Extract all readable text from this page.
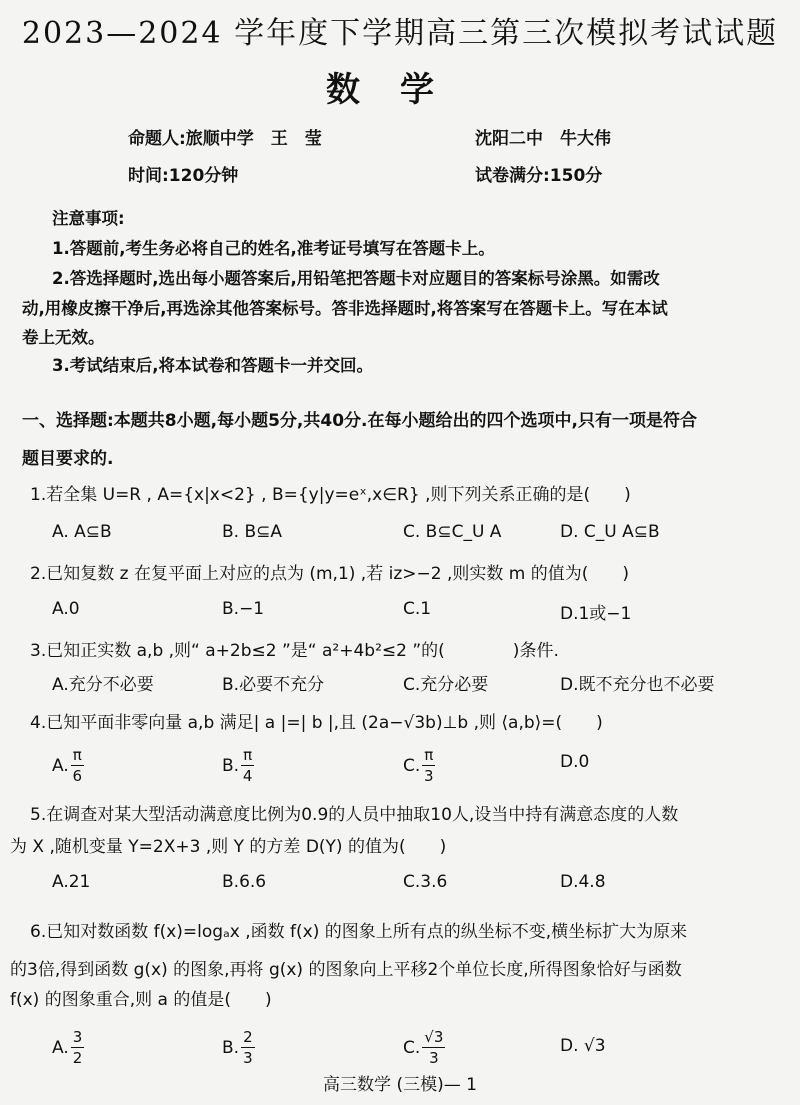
2023—2024 学年度下学期高三第三次模拟考试试题
数学
命题人:旅顺中学　王　莹	沈阳二中　牛大伟
时间:120分钟	试卷满分:150分
注意事项:
1.答题前,考生务必将自己的姓名,准考证号填写在答题卡上。
2.答选择题时,选出每小题答案后,用铅笔把答题卡对应题目的答案标号涂黑。如需改
动,用橡皮擦干净后,再选涂其他答案标号。答非选择题时,将答案写在答题卡上。写在本试
卷上无效。
3.考试结束后,将本试卷和答题卡一并交回。
一、选择题:本题共8小题,每小题5分,共40分.在每小题给出的四个选项中,只有一项是符合
题目要求的.
1.若全集 U=R , A={x|x<2} , B={y|y=eˣ,x∈R} ,则下列关系正确的是(　　)
A. A⊆B	B. B⊆A	C. B⊆C_U A	D. C_U A⊆B
2.已知复数 z 在复平面上对应的点为 (m,1) ,若 iz>−2 ,则实数 m 的值为(　　)
A.0	B.−1	C.1	D.1或−1
3.已知正实数 a,b ,则“ a+2b≤2 ”是“ a²+4b²≤2 ”的(　　　　)条件.
A.充分不必要	B.必要不充分	C.充分必要	D.既不充分也不必要
4.已知平面非零向量 a,b 满足| a |=| b |,且 (2a−√3b)⊥b ,则 ⟨a,b⟩=(　　)
A. $\frac{\pi}{6}$	B. $\frac{\pi}{4}$	C. $\frac{\pi}{3}$	D.0
5.在调查对某大型活动满意度比例为0.9的人员中抽取10人,设当中持有满意态度的人数
为 X ,随机变量 Y=2X+3 ,则 Y 的方差 D(Y) 的值为(　　)
A.21	B.6.6	C.3.6	D.4.8
6.已知对数函数 f(x)=logₐx ,函数 f(x) 的图象上所有点的纵坐标不变,横坐标扩大为原来
的3倍,得到函数 g(x) 的图象,再将 g(x) 的图象向上平移2个单位长度,所得图象恰好与函数
f(x) 的图象重合,则 a 的值是(　　)
A. $\frac{3}{2}$	B. $\frac{2}{3}$	C. $\frac{√3}{3}$	D. √3
高三数学 (三模)— 1
